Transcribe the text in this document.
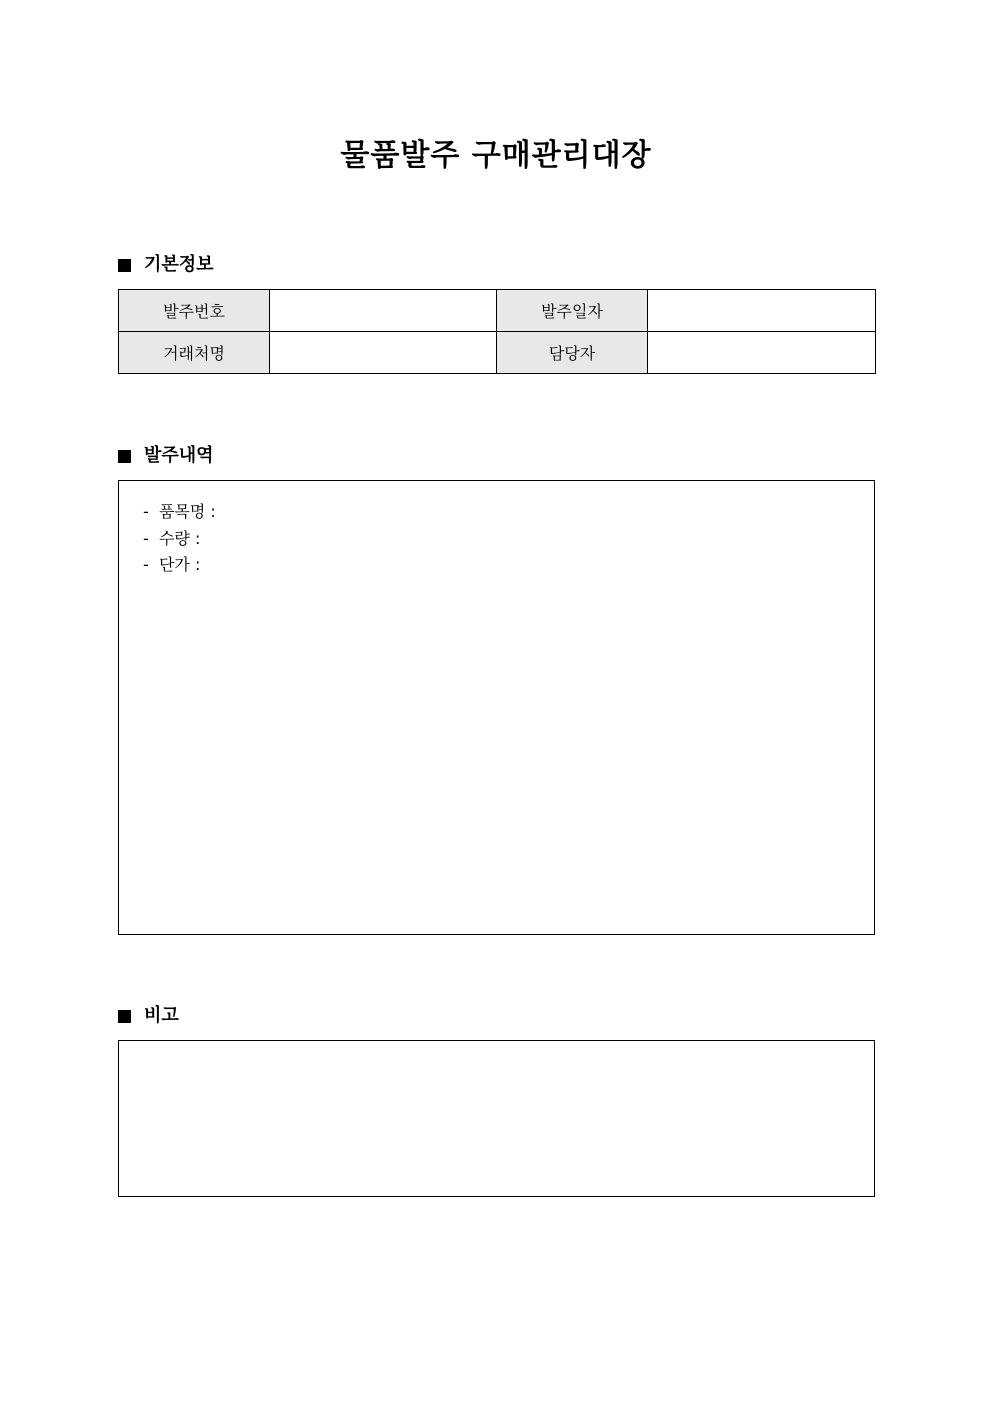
물품발주 구매관리대장
기본정보
발주번호		발주일자	
거래처명		담당자	
발주내역
-  품목명 :
-  수량 :
-  단가 :
비고
